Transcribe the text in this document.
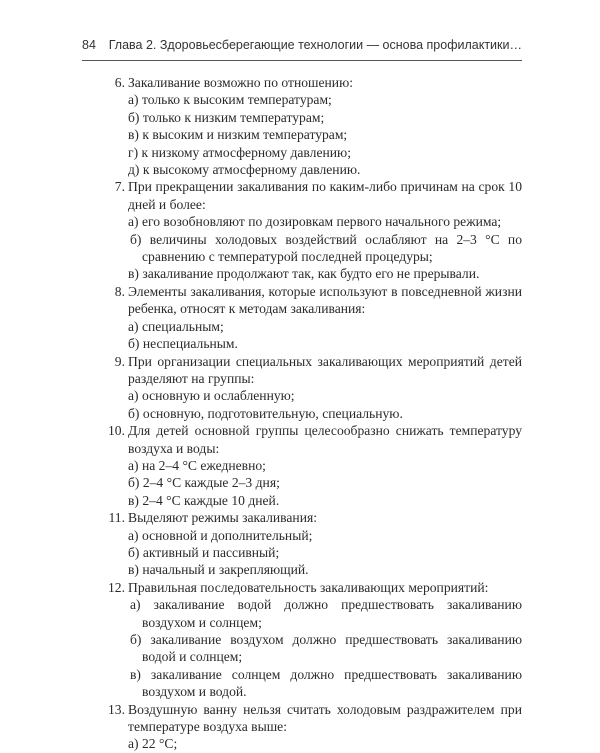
84 Глава 2. Здоровьесберегающие технологии — основа профилактики…
6. Закаливание возможно по отношению:
а) только к высоким температурам;
б) только к низким температурам;
в) к высоким и низким температурам;
г) к низкому атмосферному давлению;
д) к высокому атмосферному давлению.
7. При прекращении закаливания по каким-либо причинам на срок 10 дней и более:
а) его возобновляют по дозировкам первого начального режима;
б) величины холодовых воздействий ослабляют на 2–3 °С по сравнению с температурой последней процедуры;
в) закаливание продолжают так, как будто его не прерывали.
8. Элементы закаливания, которые используют в повседневной жизни ребенка, относят к методам закаливания:
а) специальным;
б) неспециальным.
9. При организации специальных закаливающих мероприятий детей разделяют на группы:
а) основную и ослабленную;
б) основную, подготовительную, специальную.
10. Для детей основной группы целесообразно снижать температуру воздуха и воды:
а) на 2–4 °С ежедневно;
б) 2–4 °С каждые 2–3 дня;
в) 2–4 °С каждые 10 дней.
11. Выделяют режимы закаливания:
а) основной и дополнительный;
б) активный и пассивный;
в) начальный и закрепляющий.
12. Правильная последовательность закаливающих мероприятий:
а) закаливание водой должно предшествовать закаливанию воздухом и солнцем;
б) закаливание воздухом должно предшествовать закаливанию водой и солнцем;
в) закаливание солнцем должно предшествовать закаливанию воздухом и водой.
13. Воздушную ванну нельзя считать холодовым раздражителем при температуре воздуха выше:
а) 22 °С;
